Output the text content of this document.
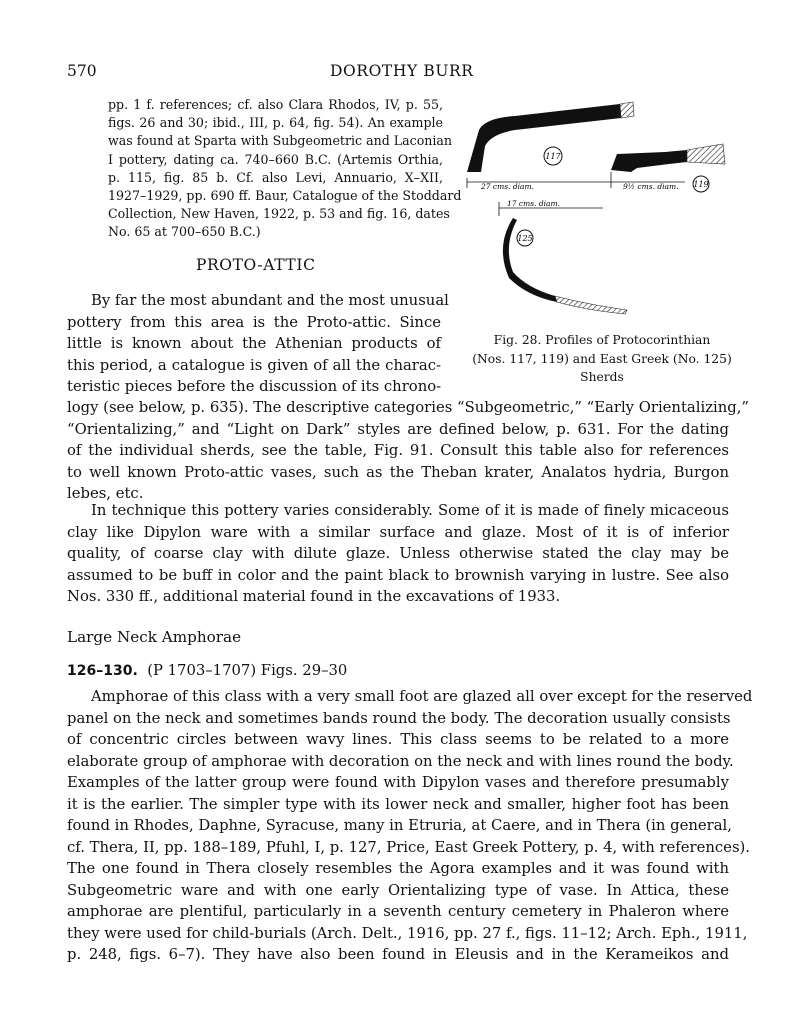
570	DOROTHY BURR
pp. 1 f. references; cf. also Clara Rhodos, IV, p. 55,
figs. 26 and 30; ibid., III, p. 64, fig. 54). An example
was found at Sparta with Subgeometric and Laconian
I pottery, dating ca. 740–660 B.C. (Artemis Orthia,
p. 115, fig. 85 b. Cf. also Levi, Annuario, X–XII,
1927–1929, pp. 690 ff. Baur, Catalogue of the Stoddard
Collection, New Haven, 1922, p. 53 and fig. 16, dates
No. 65 at 700–650 B.C.)
PROTO-ATTIC
117
119
27 cms. diam.	9½ cms. diam.
17 cms. diam.
125
Fig. 28. Profiles of Protocorinthian
(Nos. 117, 119) and East Greek (No. 125) Sherds
By far the most abundant and the most unusual
pottery from this area is the Proto-attic. Since
little is known about the Athenian products of
this period, a catalogue is given of all the charac-
teristic pieces before the discussion of its chrono-
logy (see below, p. 635). The descriptive categories “Subgeometric,” “Early Orientalizing,”
“Orientalizing,” and “Light on Dark” styles are defined below, p. 631. For the dating
of the individual sherds, see the table, Fig. 91. Consult this table also for references
to well known Proto-attic vases, such as the Theban krater, Analatos hydria, Burgon
lebes, etc.
In technique this pottery varies considerably. Some of it is made of finely micaceous
clay like Dipylon ware with a similar surface and glaze. Most of it is of inferior
quality, of coarse clay with dilute glaze. Unless otherwise stated the clay may be
assumed to be buff in color and the paint black to brownish varying in lustre. See also
Nos. 330 ff., additional material found in the excavations of 1933.
Large Neck Amphorae
126–130. (P 1703–1707) Figs. 29–30
Amphorae of this class with a very small foot are glazed all over except for the reserved
panel on the neck and sometimes bands round the body. The decoration usually consists
of concentric circles between wavy lines. This class seems to be related to a more
elaborate group of amphorae with decoration on the neck and with lines round the body.
Examples of the latter group were found with Dipylon vases and therefore presumably
it is the earlier. The simpler type with its lower neck and smaller, higher foot has been
found in Rhodes, Daphne, Syracuse, many in Etruria, at Caere, and in Thera (in general,
cf. Thera, II, pp. 188–189, Pfuhl, I, p. 127, Price, East Greek Pottery, p. 4, with references).
The one found in Thera closely resembles the Agora examples and it was found with
Subgeometric ware and with one early Orientalizing type of vase. In Attica, these
amphorae are plentiful, particularly in a seventh century cemetery in Phaleron where
they were used for child-burials (Arch. Delt., 1916, pp. 27 f., figs. 11–12; Arch. Eph., 1911,
p. 248, figs. 6–7). They have also been found in Eleusis and in the Kerameikos and
